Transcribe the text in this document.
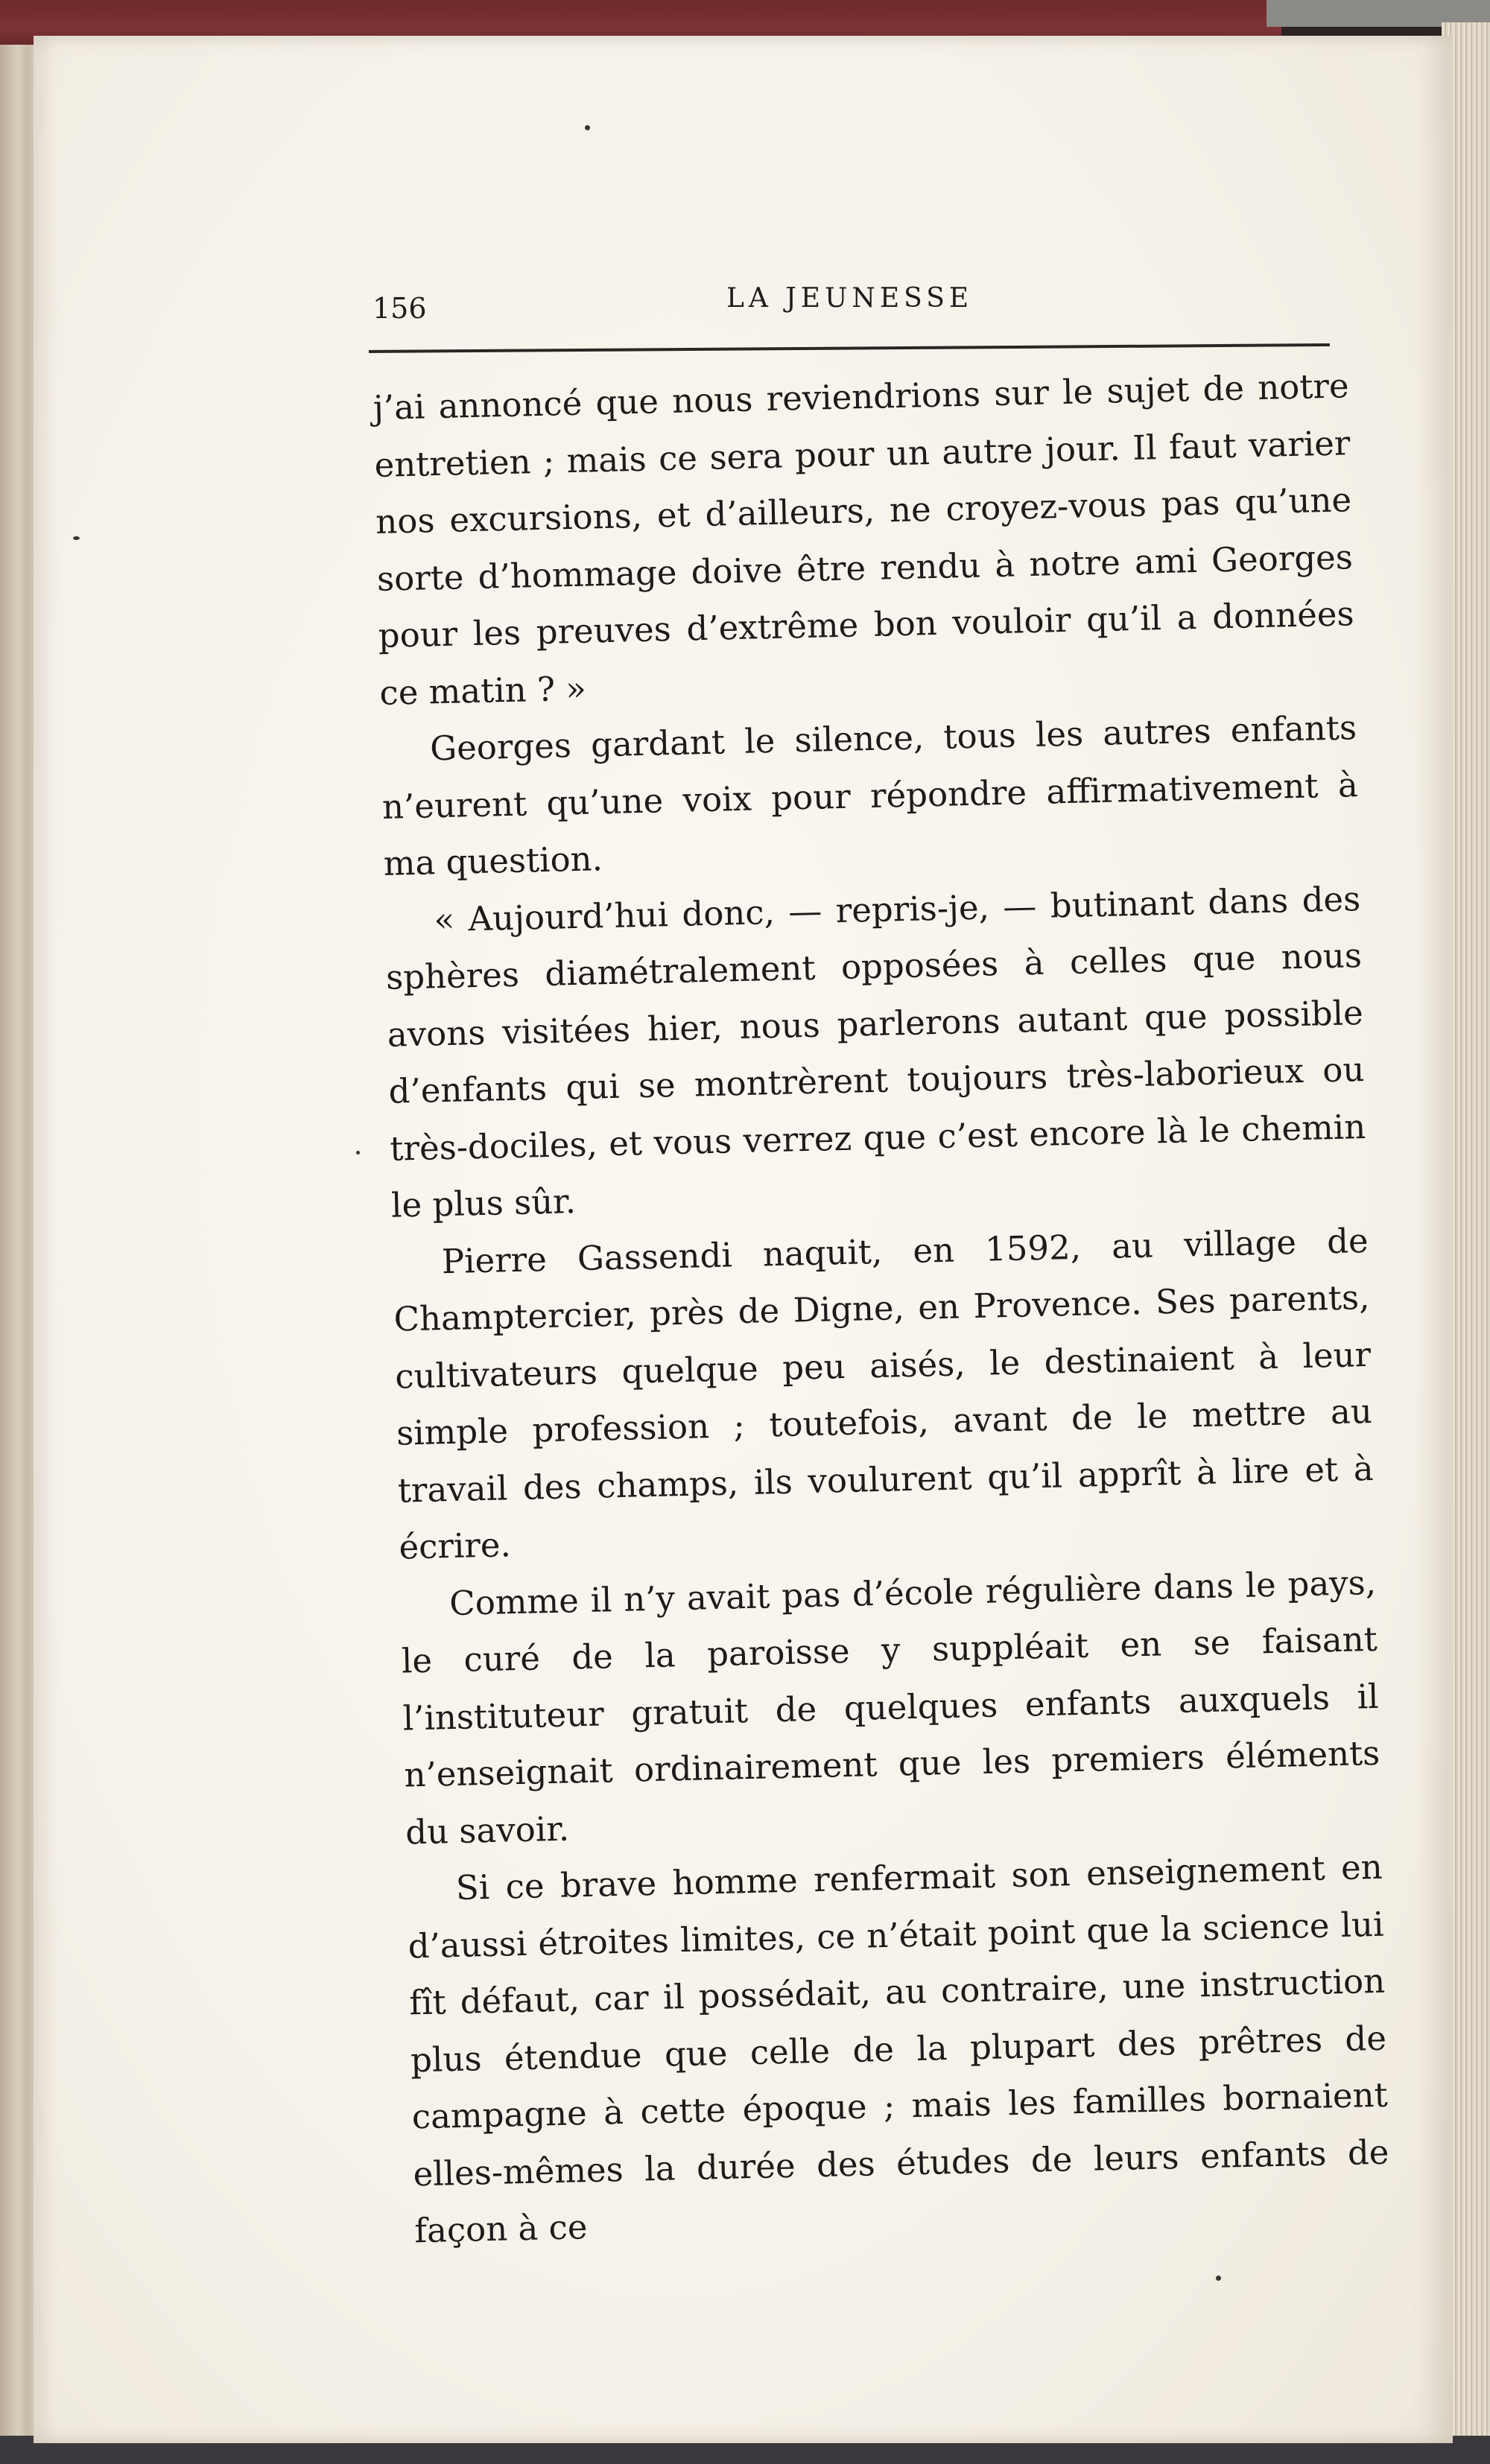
156	LA JEUNESSE

j’ai annoncé que nous reviendrions sur le sujet de notre entretien ; mais ce sera pour un autre jour. Il faut varier nos excursions, et d’ailleurs, ne croyez-vous pas qu’une sorte d’hommage doive être rendu à notre ami Georges pour les preuves d’extrême bon vouloir qu’il a données ce matin ? »

Georges gardant le silence, tous les autres enfants n’eurent qu’une voix pour répondre affirmativement à ma question.

« Aujourd’hui donc, — repris-je, — butinant dans des sphères diamétralement opposées à celles que nous avons visitées hier, nous parlerons autant que possible d’enfants qui se montrèrent toujours très-laborieux ou très-dociles, et vous verrez que c’est encore là le chemin le plus sûr.

Pierre Gassendi naquit, en 1592, au village de Champtercier, près de Digne, en Provence. Ses parents, cultivateurs quelque peu aisés, le destinaient à leur simple profession ; toutefois, avant de le mettre au travail des champs, ils voulurent qu’il apprît à lire et à écrire.

Comme il n’y avait pas d’école régulière dans le pays, le curé de la paroisse y suppléait en se faisant l’instituteur gratuit de quelques enfants auxquels il n’enseignait ordinairement que les premiers éléments du savoir.

Si ce brave homme renfermait son enseignement en d’aussi étroites limites, ce n’était point que la science lui fît défaut, car il possédait, au contraire, une instruction plus étendue que celle de la plupart des prêtres de campagne à cette époque ; mais les familles bornaient elles-mêmes la durée des études de leurs enfants de façon à ce
